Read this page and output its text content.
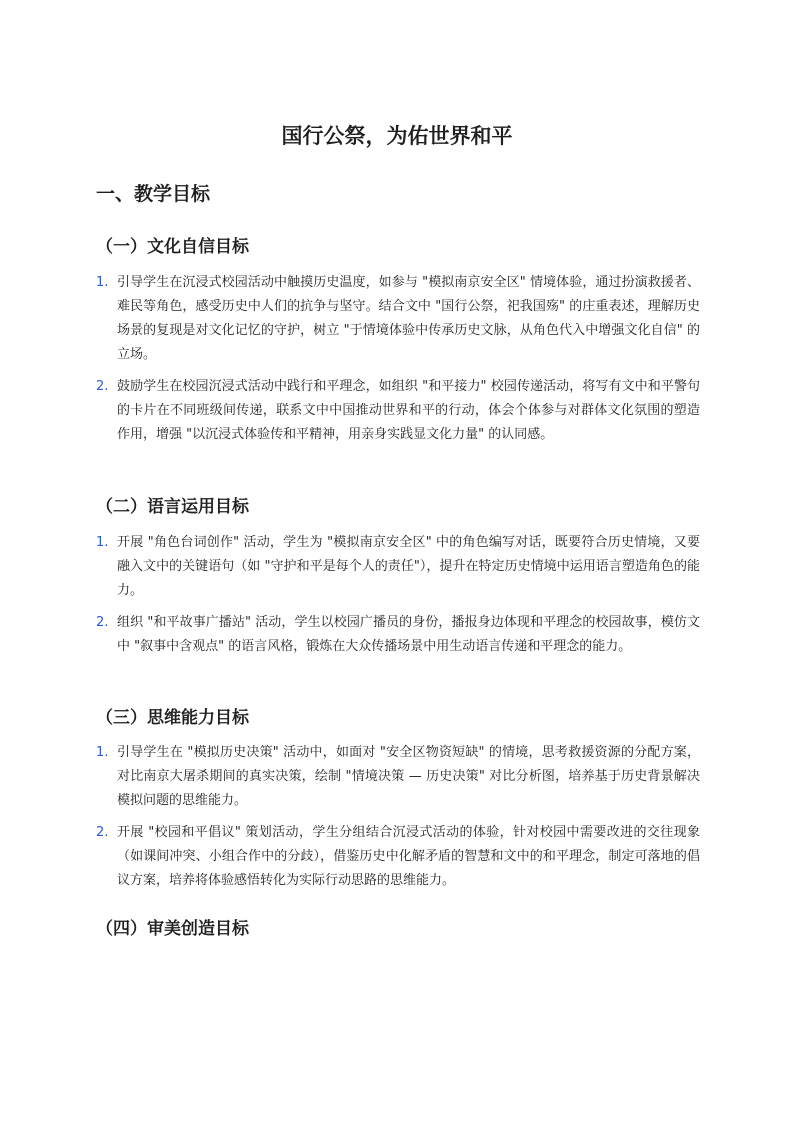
国行公祭，为佑世界和平
一、教学目标
（一）文化自信目标
1. 引导学生在沉浸式校园活动中触摸历史温度，如参与 "模拟南京安全区" 情境体验，通过扮演救援者、难民等角色，感受历史中人们的抗争与坚守。结合文中 "国行公祭，祀我国殇" 的庄重表述，理解历史场景的复现是对文化记忆的守护，树立 "于情境体验中传承历史文脉，从角色代入中增强文化自信" 的立场。
2. 鼓励学生在校园沉浸式活动中践行和平理念，如组织 "和平接力" 校园传递活动，将写有文中和平警句的卡片在不同班级间传递，联系文中中国推动世界和平的行动，体会个体参与对群体文化氛围的塑造作用，增强 "以沉浸式体验传和平精神，用亲身实践显文化力量" 的认同感。
（二）语言运用目标
1. 开展 "角色台词创作" 活动，学生为 "模拟南京安全区" 中的角色编写对话，既要符合历史情境，又要融入文中的关键语句（如 "守护和平是每个人的责任"），提升在特定历史情境中运用语言塑造角色的能力。
2. 组织 "和平故事广播站" 活动，学生以校园广播员的身份，播报身边体现和平理念的校园故事，模仿文中 "叙事中含观点" 的语言风格，锻炼在大众传播场景中用生动语言传递和平理念的能力。
（三）思维能力目标
1. 引导学生在 "模拟历史决策" 活动中，如面对 "安全区物资短缺" 的情境，思考救援资源的分配方案，对比南京大屠杀期间的真实决策，绘制 "情境决策 — 历史决策" 对比分析图，培养基于历史背景解决模拟问题的思维能力。
2. 开展 "校园和平倡议" 策划活动，学生分组结合沉浸式活动的体验，针对校园中需要改进的交往现象（如课间冲突、小组合作中的分歧），借鉴历史中化解矛盾的智慧和文中的和平理念，制定可落地的倡议方案，培养将体验感悟转化为实际行动思路的思维能力。
（四）审美创造目标
